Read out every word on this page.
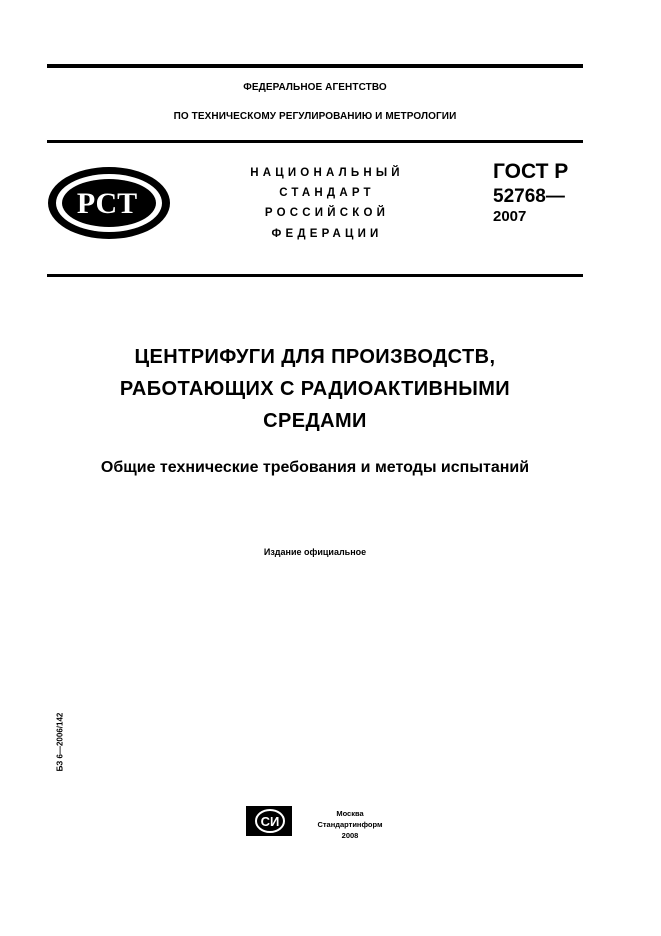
ФЕДЕРАЛЬНОЕ АГЕНТСТВО
ПО ТЕХНИЧЕСКОМУ РЕГУЛИРОВАНИЮ И МЕТРОЛОГИИ
РСТ
НАЦИОНАЛЬНЫЙ
СТАНДАРТ
РОССИЙСКОЙ
ФЕДЕРАЦИИ
ГОСТ Р
52768—
2007
ЦЕНТРИФУГИ ДЛЯ ПРОИЗВОДСТВ,
РАБОТАЮЩИХ С РАДИОАКТИВНЫМИ
СРЕДАМИ
Общие технические требования и методы испытаний
Издание официальное
БЗ 6—2006/142
СИ
Москва
Стандартинформ
2008
